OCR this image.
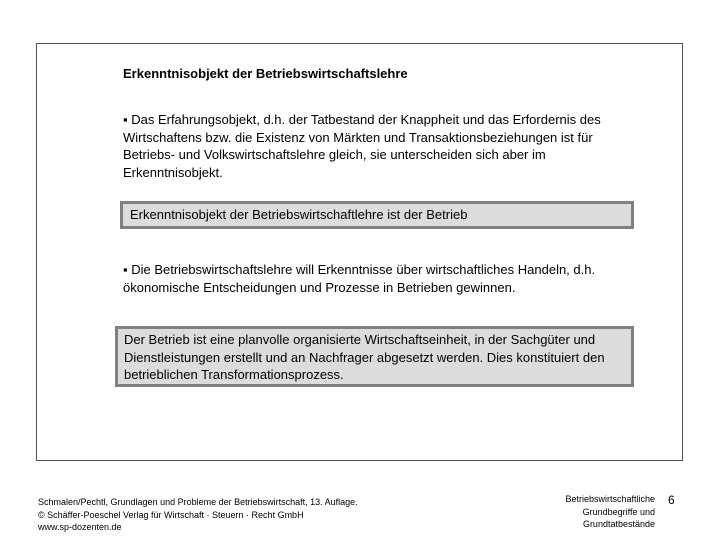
Erkenntnisobjekt der Betriebswirtschaftslehre
▪ Das Erfahrungsobjekt, d.h. der Tatbestand der Knappheit und das Erfordernis des Wirtschaftens bzw. die Existenz von Märkten und Transaktionsbeziehungen ist für Betriebs- und Volkswirtschaftslehre gleich, sie unterscheiden sich aber im Erkenntnisobjekt.
Erkenntnisobjekt der Betriebswirtschaftlehre ist der Betrieb
▪ Die Betriebswirtschaftslehre will Erkenntnisse über wirtschaftliches Handeln, d.h. ökonomische Entscheidungen und Prozesse in Betrieben gewinnen.
Der Betrieb ist eine planvolle organisierte Wirtschaftseinheit, in der Sachgüter und Dienstleistungen erstellt und an Nachfrager abgesetzt werden. Dies konstituiert den betrieblichen Transformationsprozess.
Schmalen/Pechtl, Grundlagen und Probleme der Betriebswirtschaft, 13. Auflage.
© Schäffer-Poeschel Verlag für Wirtschaft · Steuern · Recht GmbH
www.sp-dozenten.de
Betriebswirtschaftliche
Grundbegriffe und
Grundtatbestände
6
